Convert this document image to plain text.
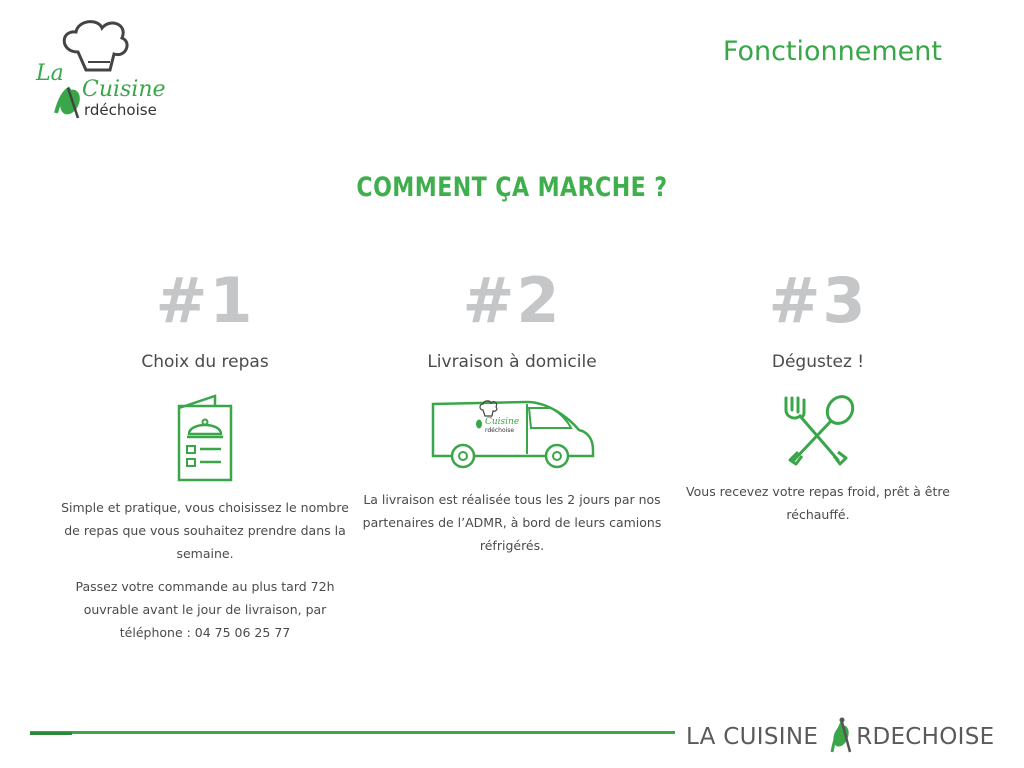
La
Cuisine
rdéchoise
Fonctionnement
COMMENT ÇA MARCHE ?
#1
Choix du repas
Simple et pratique, vous choisissez le nombre de repas que vous souhaitez prendre dans la semaine.
Passez votre commande au plus tard 72h ouvrable avant le jour de livraison, par téléphone : 04 75 06 25 77
#2
Livraison à domicile
Cuisine
rdéchoise
La livraison est réalisée tous les 2 jours par nos partenaires de l’ADMR, à bord de leurs camions réfrigérés.
#3
Dégustez !
Vous recevez votre repas froid, prêt à être réchauffé.
LA CUISINE RDECHOISE
